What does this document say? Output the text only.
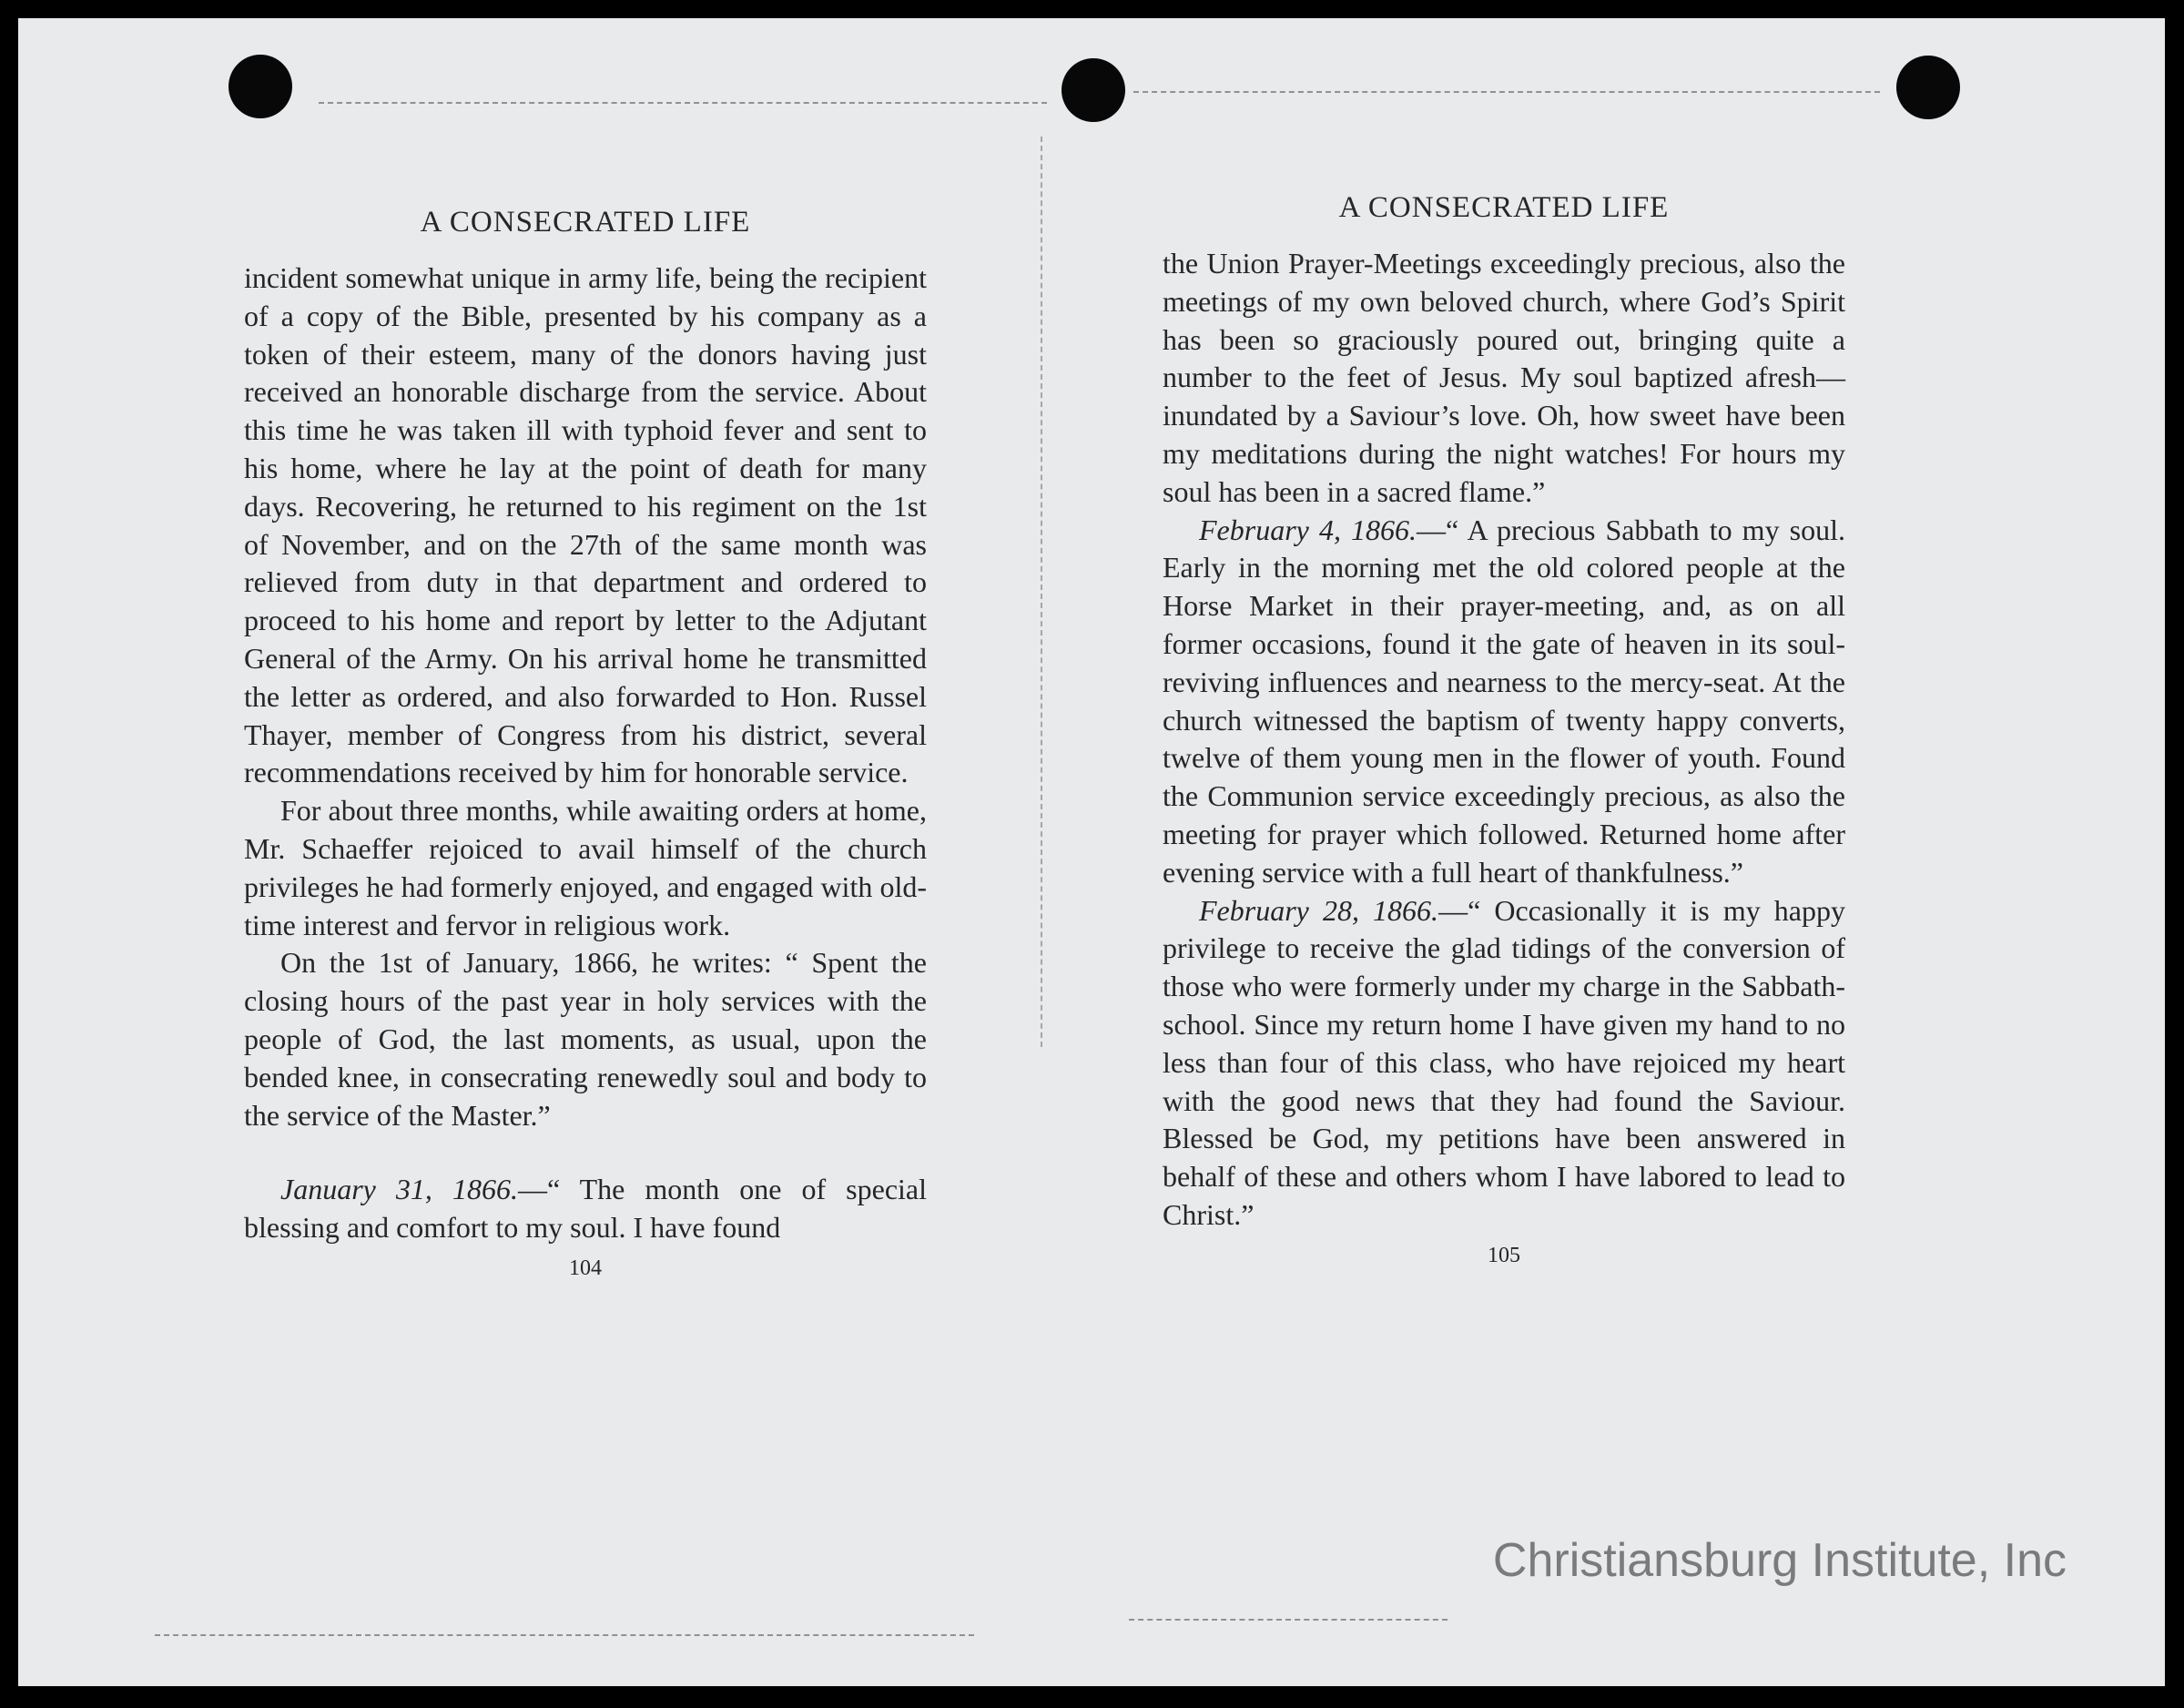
A CONSECRATED LIFE

incident somewhat unique in army life, being the recipient of a copy of the Bible, presented by his company as a token of their esteem, many of the donors having just received an honorable discharge from the service. About this time he was taken ill with typhoid fever and sent to his home, where he lay at the point of death for many days. Recovering, he returned to his regiment on the 1st of November, and on the 27th of the same month was relieved from duty in that department and ordered to proceed to his home and report by letter to the Adjutant General of the Army. On his arrival home he transmitted the letter as ordered, and also forwarded to Hon. Russel Thayer, member of Congress from his district, several recommendations received by him for honorable service.

For about three months, while awaiting orders at home, Mr. Schaeffer rejoiced to avail himself of the church privileges he had formerly enjoyed, and engaged with old-time interest and fervor in religious work.

On the 1st of January, 1866, he writes: “ Spent the closing hours of the past year in holy services with the people of God, the last moments, as usual, upon the bended knee, in consecrating renewedly soul and body to the service of the Master.”

January 31, 1866.—“ The month one of special blessing and comfort to my soul. I have found

104
A CONSECRATED LIFE

the Union Prayer-Meetings exceedingly precious, also the meetings of my own beloved church, where God’s Spirit has been so graciously poured out, bringing quite a number to the feet of Jesus. My soul baptized afresh—inundated by a Saviour’s love. Oh, how sweet have been my meditations during the night watches! For hours my soul has been in a sacred flame.”

February 4, 1866.—“ A precious Sabbath to my soul. Early in the morning met the old colored people at the Horse Market in their prayer-meeting, and, as on all former occasions, found it the gate of heaven in its soul-reviving influences and nearness to the mercy-seat. At the church witnessed the baptism of twenty happy converts, twelve of them young men in the flower of youth. Found the Communion service exceedingly precious, as also the meeting for prayer which followed. Returned home after evening service with a full heart of thankfulness.”

February 28, 1866.—“ Occasionally it is my happy privilege to receive the glad tidings of the conversion of those who were formerly under my charge in the Sabbath-school. Since my return home I have given my hand to no less than four of this class, who have rejoiced my heart with the good news that they had found the Saviour. Blessed be God, my petitions have been answered in behalf of these and others whom I have labored to lead to Christ.”

105
Christiansburg Institute, Inc
